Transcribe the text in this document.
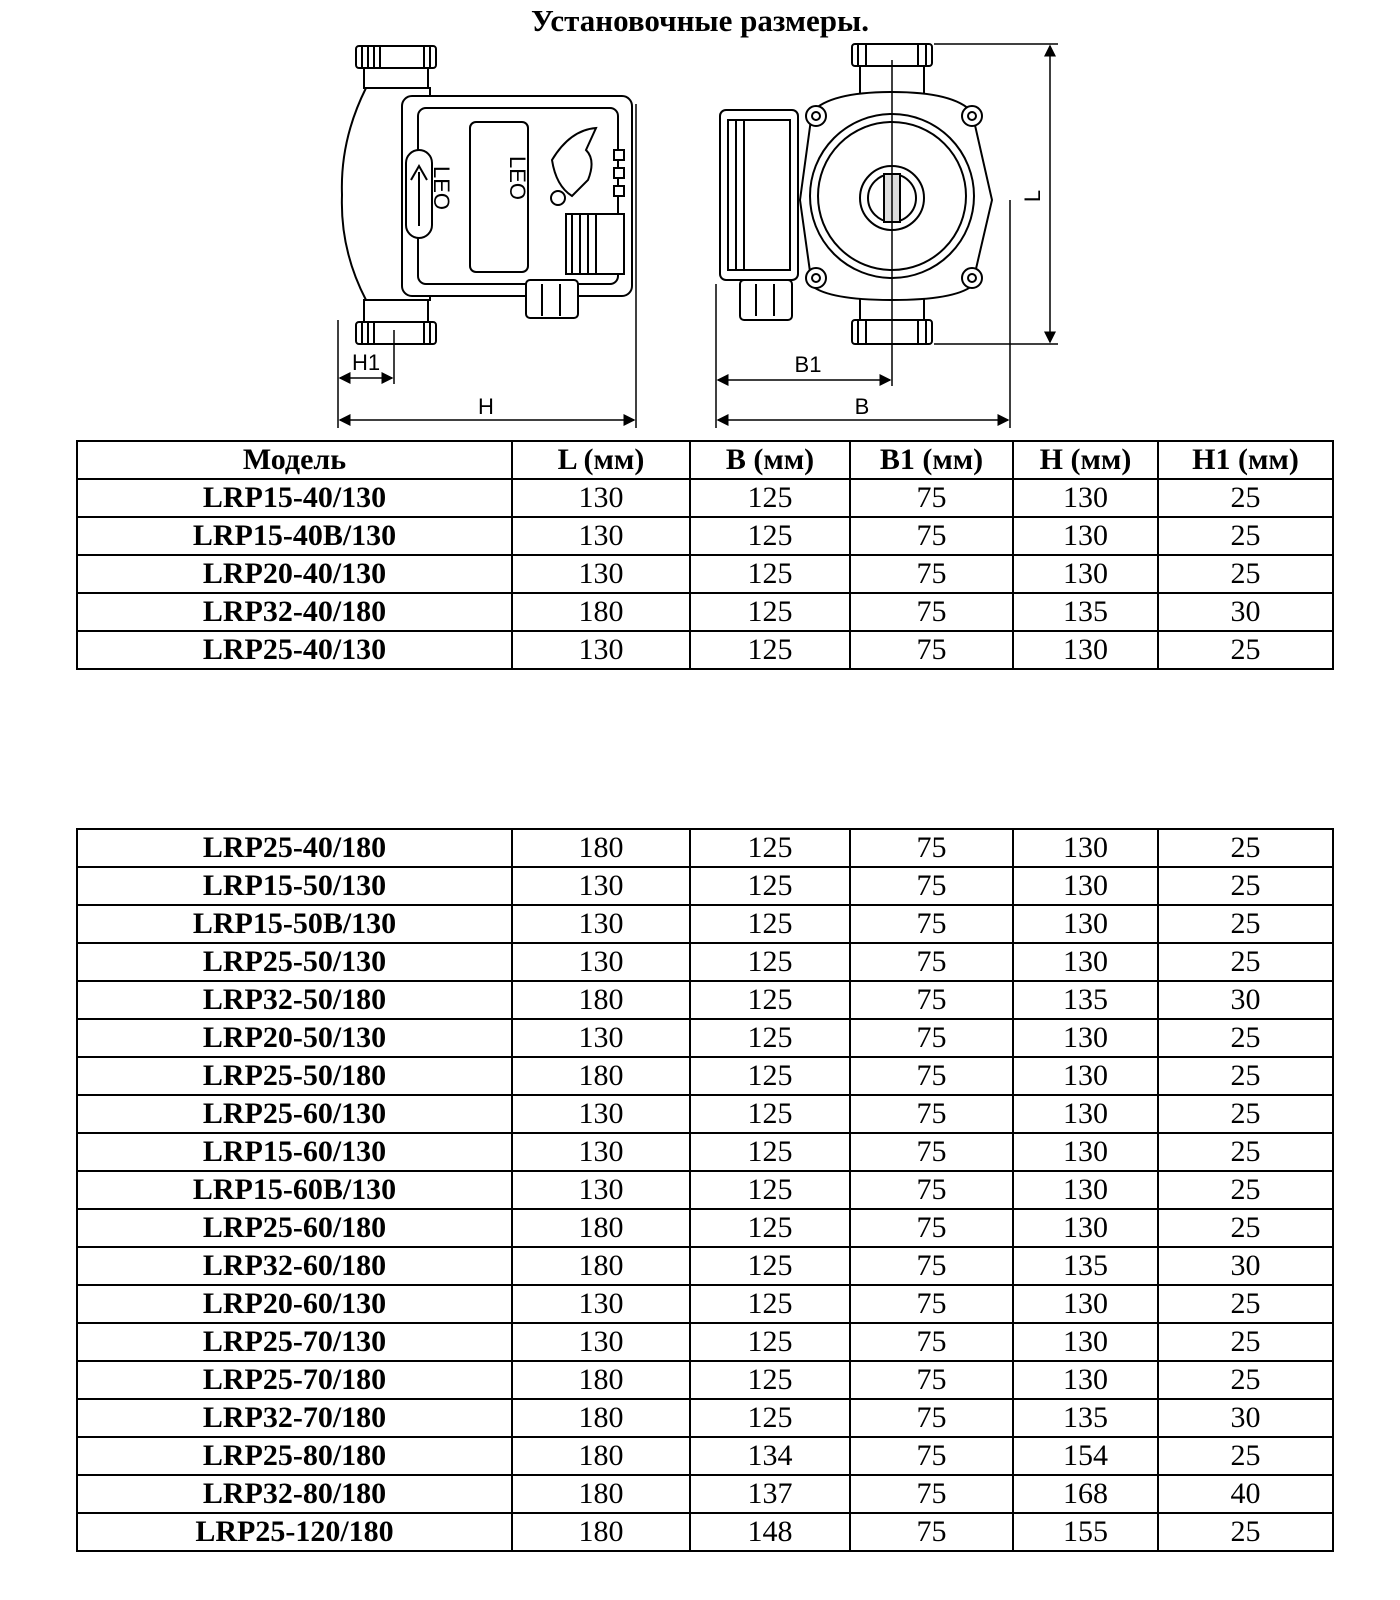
Установочные размеры.
LEO LEO
H1
H
B1
B
L
Модель	L (мм)	B (мм)	B1 (мм)	H (мм)	H1 (мм)
LRP15-40/130	130	125	75	130	25
LRP15-40B/130	130	125	75	130	25
LRP20-40/130	130	125	75	130	25
LRP32-40/180	180	125	75	135	30
LRP25-40/130	130	125	75	130	25
LRP25-40/180	180	125	75	130	25
LRP15-50/130	130	125	75	130	25
LRP15-50B/130	130	125	75	130	25
LRP25-50/130	130	125	75	130	25
LRP32-50/180	180	125	75	135	30
LRP20-50/130	130	125	75	130	25
LRP25-50/180	180	125	75	130	25
LRP25-60/130	130	125	75	130	25
LRP15-60/130	130	125	75	130	25
LRP15-60B/130	130	125	75	130	25
LRP25-60/180	180	125	75	130	25
LRP32-60/180	180	125	75	135	30
LRP20-60/130	130	125	75	130	25
LRP25-70/130	130	125	75	130	25
LRP25-70/180	180	125	75	130	25
LRP32-70/180	180	125	75	135	30
LRP25-80/180	180	134	75	154	25
LRP32-80/180	180	137	75	168	40
LRP25-120/180	180	148	75	155	25
